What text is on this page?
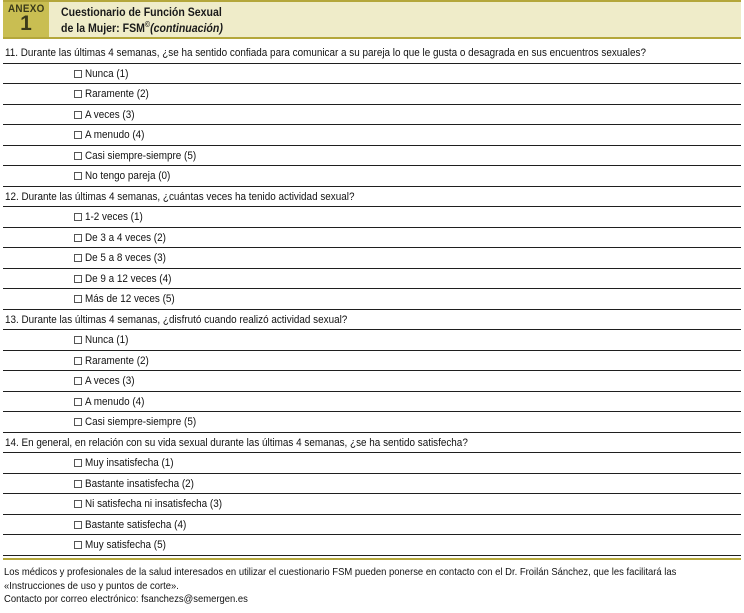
ANEXO
1	Cuestionario de Función Sexual
de la Mujer: FSM©(continuación)
11. Durante las últimas 4 semanas, ¿se ha sentido confiada para comunicar a su pareja lo que le gusta o desagrada en sus encuentros sexuales?
Nunca (1)
Raramente (2)
A veces (3)
A menudo (4)
Casi siempre-siempre (5)
No tengo pareja (0)
12. Durante las últimas 4 semanas, ¿cuántas veces ha tenido actividad sexual?
1-2 veces (1)
De 3 a 4 veces (2)
De 5 a 8 veces (3)
De 9 a 12 veces (4)
Más de 12 veces (5)
13. Durante las últimas 4 semanas, ¿disfrutó cuando realizó actividad sexual?
Nunca (1)
Raramente (2)
A veces (3)
A menudo (4)
Casi siempre-siempre (5)
14. En general, en relación con su vida sexual durante las últimas 4 semanas, ¿se ha sentido satisfecha?
Muy insatisfecha (1)
Bastante insatisfecha (2)
Ni satisfecha ni insatisfecha (3)
Bastante satisfecha (4)
Muy satisfecha (5)

Los médicos y profesionales de la salud interesados en utilizar el cuestionario FSM pueden ponerse en contacto con el Dr. Froilán Sánchez, que les facilitará las

«Instrucciones de uso y puntos de corte».

Contacto por correo electrónico: fsanchezs@semergen.es
